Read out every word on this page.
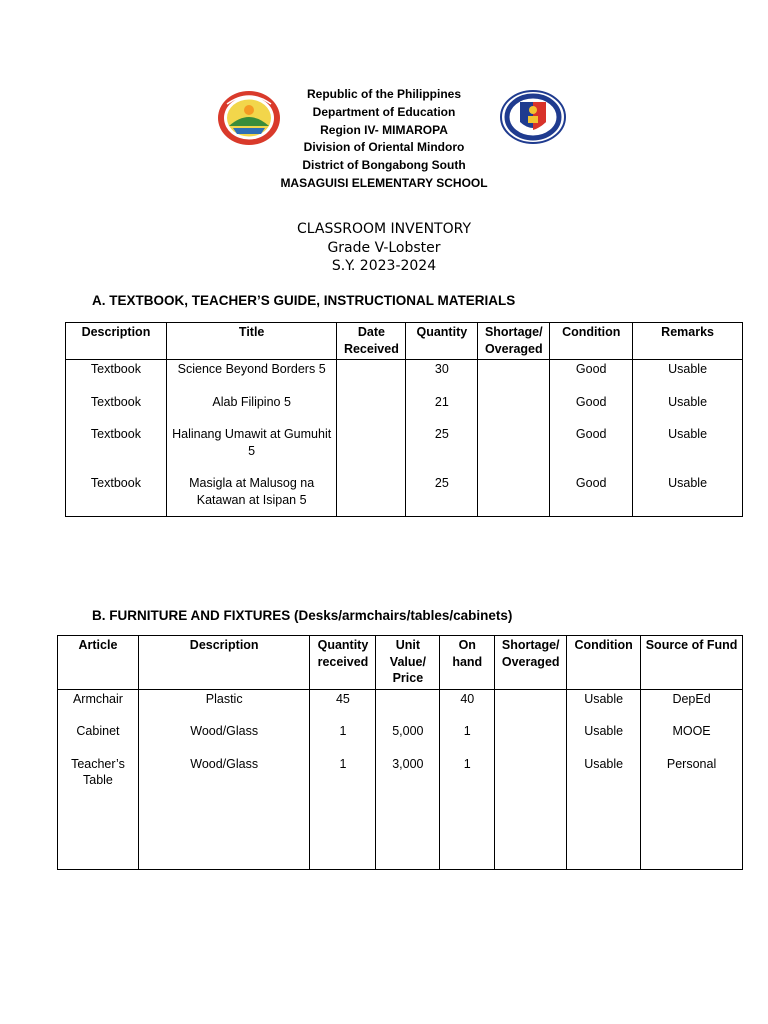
Republic of the Philippines
Department of Education
Region IV- MIMAROPA
Division of Oriental Mindoro
District of Bongabong South
MASAGUISI ELEMENTARY SCHOOL
CLASSROOM INVENTORY
Grade V-Lobster
S.Y. 2023-2024
A. TEXTBOOK, TEACHER’S GUIDE, INSTRUCTIONAL MATERIALS
Description	Title	Date Received	Quantity	Shortage/ Overaged	Condition	Remarks
Textbook	Science Beyond Borders 5		30		Good	Usable
Textbook	Alab Filipino 5		21		Good	Usable
Textbook	Halinang Umawit at Gumuhit 5		25		Good	Usable
Textbook	Masigla at Malusog na Katawan at Isipan 5		25		Good	Usable
B. FURNITURE AND FIXTURES (Desks/armchairs/tables/cabinets)
Article	Description	Quantity received	Unit Value/ Price	On hand	Shortage/ Overaged	Condition	Source of Fund
Armchair	Plastic	45		40		Usable	DepEd
Cabinet	Wood/Glass	1	5,000	1		Usable	MOOE
Teacher’s Table	Wood/Glass	1	3,000	1		Usable	Personal
